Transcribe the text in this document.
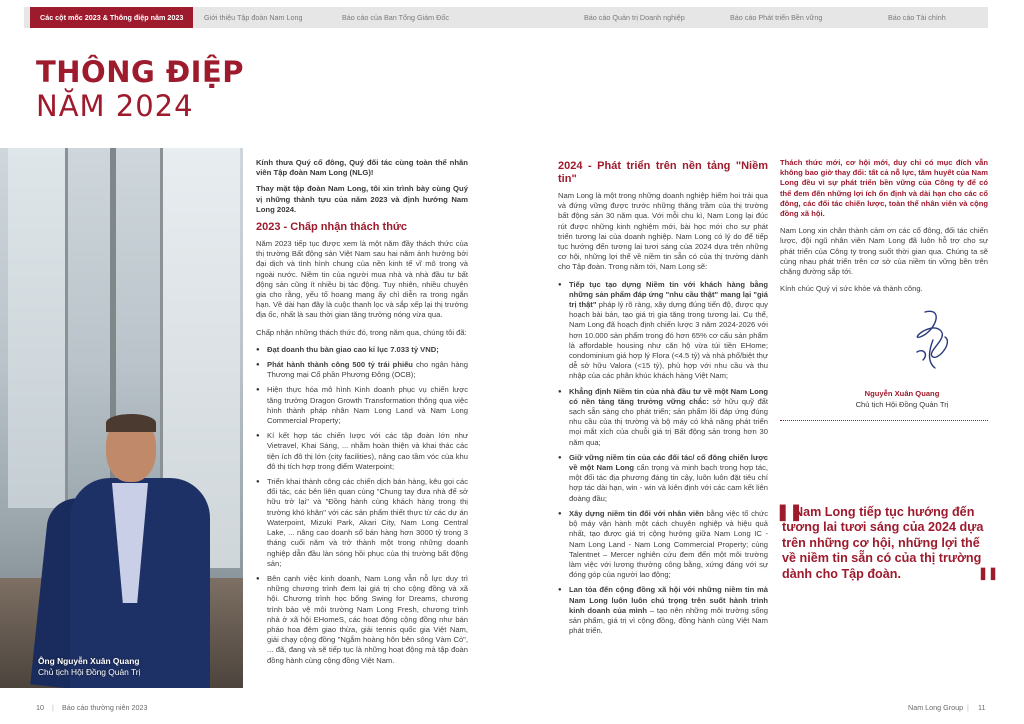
Các cột mốc 2023 & Thông điệp năm 2023	Giới thiệu Tập đoàn Nam Long	Báo cáo của Ban Tổng Giám Đốc	Báo cáo Quản trị Doanh nghiệp	Báo cáo Phát triển Bền vững	Báo cáo Tài chính
THÔNG ĐIỆP
NĂM 2024
Ông Nguyễn Xuân Quang
Chủ tịch Hội Đồng Quản Trị
Kính thưa Quý cổ đông, Quý đối tác cùng toàn thể nhân viên Tập đoàn Nam Long (NLG)!
Thay mặt tập đoàn Nam Long, tôi xin trình bày cùng Quý vị những thành tựu của năm 2023 và định hướng Nam Long 2024.
2023 - Chấp nhận thách thức
Năm 2023 tiếp tục được xem là một năm đầy thách thức của thị trường Bất động sản Việt Nam sau hai năm ảnh hưởng bởi đại dịch và tình hình chung của nền kinh tế vĩ mô trong và ngoài nước. Niềm tin của người mua nhà và nhà đầu tư bất động sản cũng ít nhiều bị tác động. Tuy nhiên, nhiều chuyên gia cho rằng, yếu tố hoang mang ấy chỉ diễn ra trong ngắn hạn. Về dài hạn đây là cuộc thanh lọc và sắp xếp lại thị trường địa ốc, nhất là sau thời gian tăng trưởng nóng vừa qua.
Chấp nhận những thách thức đó, trong năm qua, chúng tôi đã:
● Đạt doanh thu bàn giao cao kỉ lục 7.033 tỷ VND;
● Phát hành thành công 500 tỷ trái phiếu cho ngân hàng Thương mại Cổ phần Phương Đông (OCB);
● Hiện thực hóa mô hình Kinh doanh phục vụ chiến lược tăng trưởng Dragon Growth Transformation thông qua việc hình thành pháp nhân Nam Long Land và Nam Long Commercial Property;
● Kí kết hợp tác chiến lược với các tập đoàn lớn như Vietravel, Khai Sáng, ... nhằm hoàn thiện và khai thác các tiện ích đô thị lớn (city facilities), nâng cao tầm vóc của khu đô thị tích hợp trong điểm Waterpoint;
● Triển khai thành công các chiến dịch bán hàng, kêu gọi các đối tác, các bên liên quan cùng "Chung tay đưa nhà để sở hữu trở lại" và "Đồng hành cùng khách hàng trong thị trường khó khăn" với các sản phẩm thiết thực từ các dự án Waterpoint, Mizuki Park, Akari City, Nam Long Central Lake, ... nâng cao doanh số bán hàng hơn 3000 tỷ trong 3 tháng cuối năm và trở thành một trong những doanh nghiệp dẫn đầu làn sóng hồi phục của thị trường bất động sản;
● Bên cạnh việc kinh doanh, Nam Long vẫn nỗ lực duy trì những chương trình đem lại giá trị cho cộng đồng và xã hội. Chương trình học bổng Swing for Dreams, chương trình bảo vệ môi trường Nam Long Fresh, chương trình nhà ở xã hội EHomeS, các hoạt động cộng đồng như bán pháo hoa đêm giao thừa, giải tennis quốc gia Việt Nam, giải chạy cộng đồng "Ngắm hoàng hôn bên sông Vàm Cỏ", ... đã, đang và sẽ tiếp tục là những hoạt động mà tập đoàn đồng hành cùng cộng đồng Việt Nam.
2024 - Phát triển trên nền tảng "Niềm tin"
Nam Long là một trong những doanh nghiệp hiếm hoi trải qua và đứng vững được trước những thăng trầm của thị trường bất động sản 30 năm qua. Với mỗi chu kì, Nam Long lại đúc rút được những kinh nghiệm mới, bài học mới cho sự phát triển tương lai của doanh nghiệp. Nam Long có lý do để tiếp tục hướng đến tương lai tươi sáng của 2024 dựa trên những cơ hội, những lợi thế về niềm tin sẵn có của thị trường dành cho Tập đoàn. Trong năm tới, Nam Long sẽ:
● Tiếp tục tạo dựng Niềm tin với khách hàng bằng những sản phẩm đáp ứng "nhu cầu thật" mang lại "giá trị thật" pháp lý rõ ràng, xây dựng đúng tiến độ, được quy hoạch bài bản, tạo giá trị gia tăng trong tương lai. Cụ thể, Nam Long đã hoạch định chiến lược 3 năm 2024-2026 với hơn 10.000 sản phẩm trong đó hơn 65% cơ cấu sản phẩm là affordable housing như căn hộ vừa túi tiền EHome; condominium giá hợp lý Flora (<4.5 tỷ) và nhà phố/biệt thự dễ sở hữu Valora (<15 tỷ), phù hợp với nhu cầu và thu nhập của các phân khúc khách hàng Việt Nam;
● Khẳng định Niềm tin của nhà đầu tư về một Nam Long có nền tảng tăng trưởng vững chắc: sở hữu quỹ đất sạch sẵn sàng cho phát triển; sản phẩm lõi đáp ứng đúng nhu cầu của thị trường và bộ máy có khả năng phát triển mọi mắt xích của chuỗi giá trị Bất động sản trong hơn 30 năm qua;
● Giữ vững niềm tin của các đối tác/ cổ đông chiến lược về một Nam Long cẩn trọng và minh bạch trong hợp tác, một đối tác địa phương đáng tin cậy, luôn luôn đặt tiêu chí hợp tác dài hạn, win - win và kiên định với các cam kết liên đoàng đầu;
● Xây dựng niềm tin đối với nhân viên bằng việc tổ chức bộ máy vận hành một cách chuyên nghiệp và hiệu quả nhất, tạo được giá trị cộng hưởng giữa Nam Long IC - Nam Long Land - Nam Long Commercial Property; cùng Talentnet – Mercer nghiên cứu đem đến một môi trường làm việc với lương thưởng công bằng, xứng đáng với sự đóng góp của người lao động;
● Lan tỏa đến cộng đồng xã hội với những niềm tin mà Nam Long luôn luôn chú trọng trên suốt hành trình kinh doanh của mình – tạo nên những môi trường sống sản phẩm, giá trị vì cộng đồng, đồng hành cùng Việt Nam phát triển.
Thách thức mới, cơ hội mới, duy chỉ có mục đích vẫn không bao giờ thay đổi: tất cả nỗ lực, tâm huyết của Nam Long đều vì sự phát triển bền vững của Công ty để có thể đem đến những lợi ích ổn định và dài hạn cho các cổ đông, các đối tác chiến lược, toàn thể nhân viên và cộng đồng xã hội.
Nam Long xin chân thành cảm ơn các cổ đông, đối tác chiến lược, đội ngũ nhân viên Nam Long đã luôn hỗ trợ cho sự phát triển của Công ty trong suốt thời gian qua. Chúng ta sẽ cùng nhau phát triển trên cơ sở của niềm tin vững bền trên chặng đường sắp tới.
Kính chúc Quý vị sức khỏe và thành công.
Nguyễn Xuân Quang
Chủ tịch Hội Đồng Quản Trị
❚❚
Nam Long tiếp tục hướng đến tương lai tươi sáng của 2024 dựa trên những cơ hội, những lợi thế về niềm tin sẵn có của thị trường dành cho Tập đoàn.	❚❚
10 | Báo cáo thường niên 2023	Nam Long Group | 11
